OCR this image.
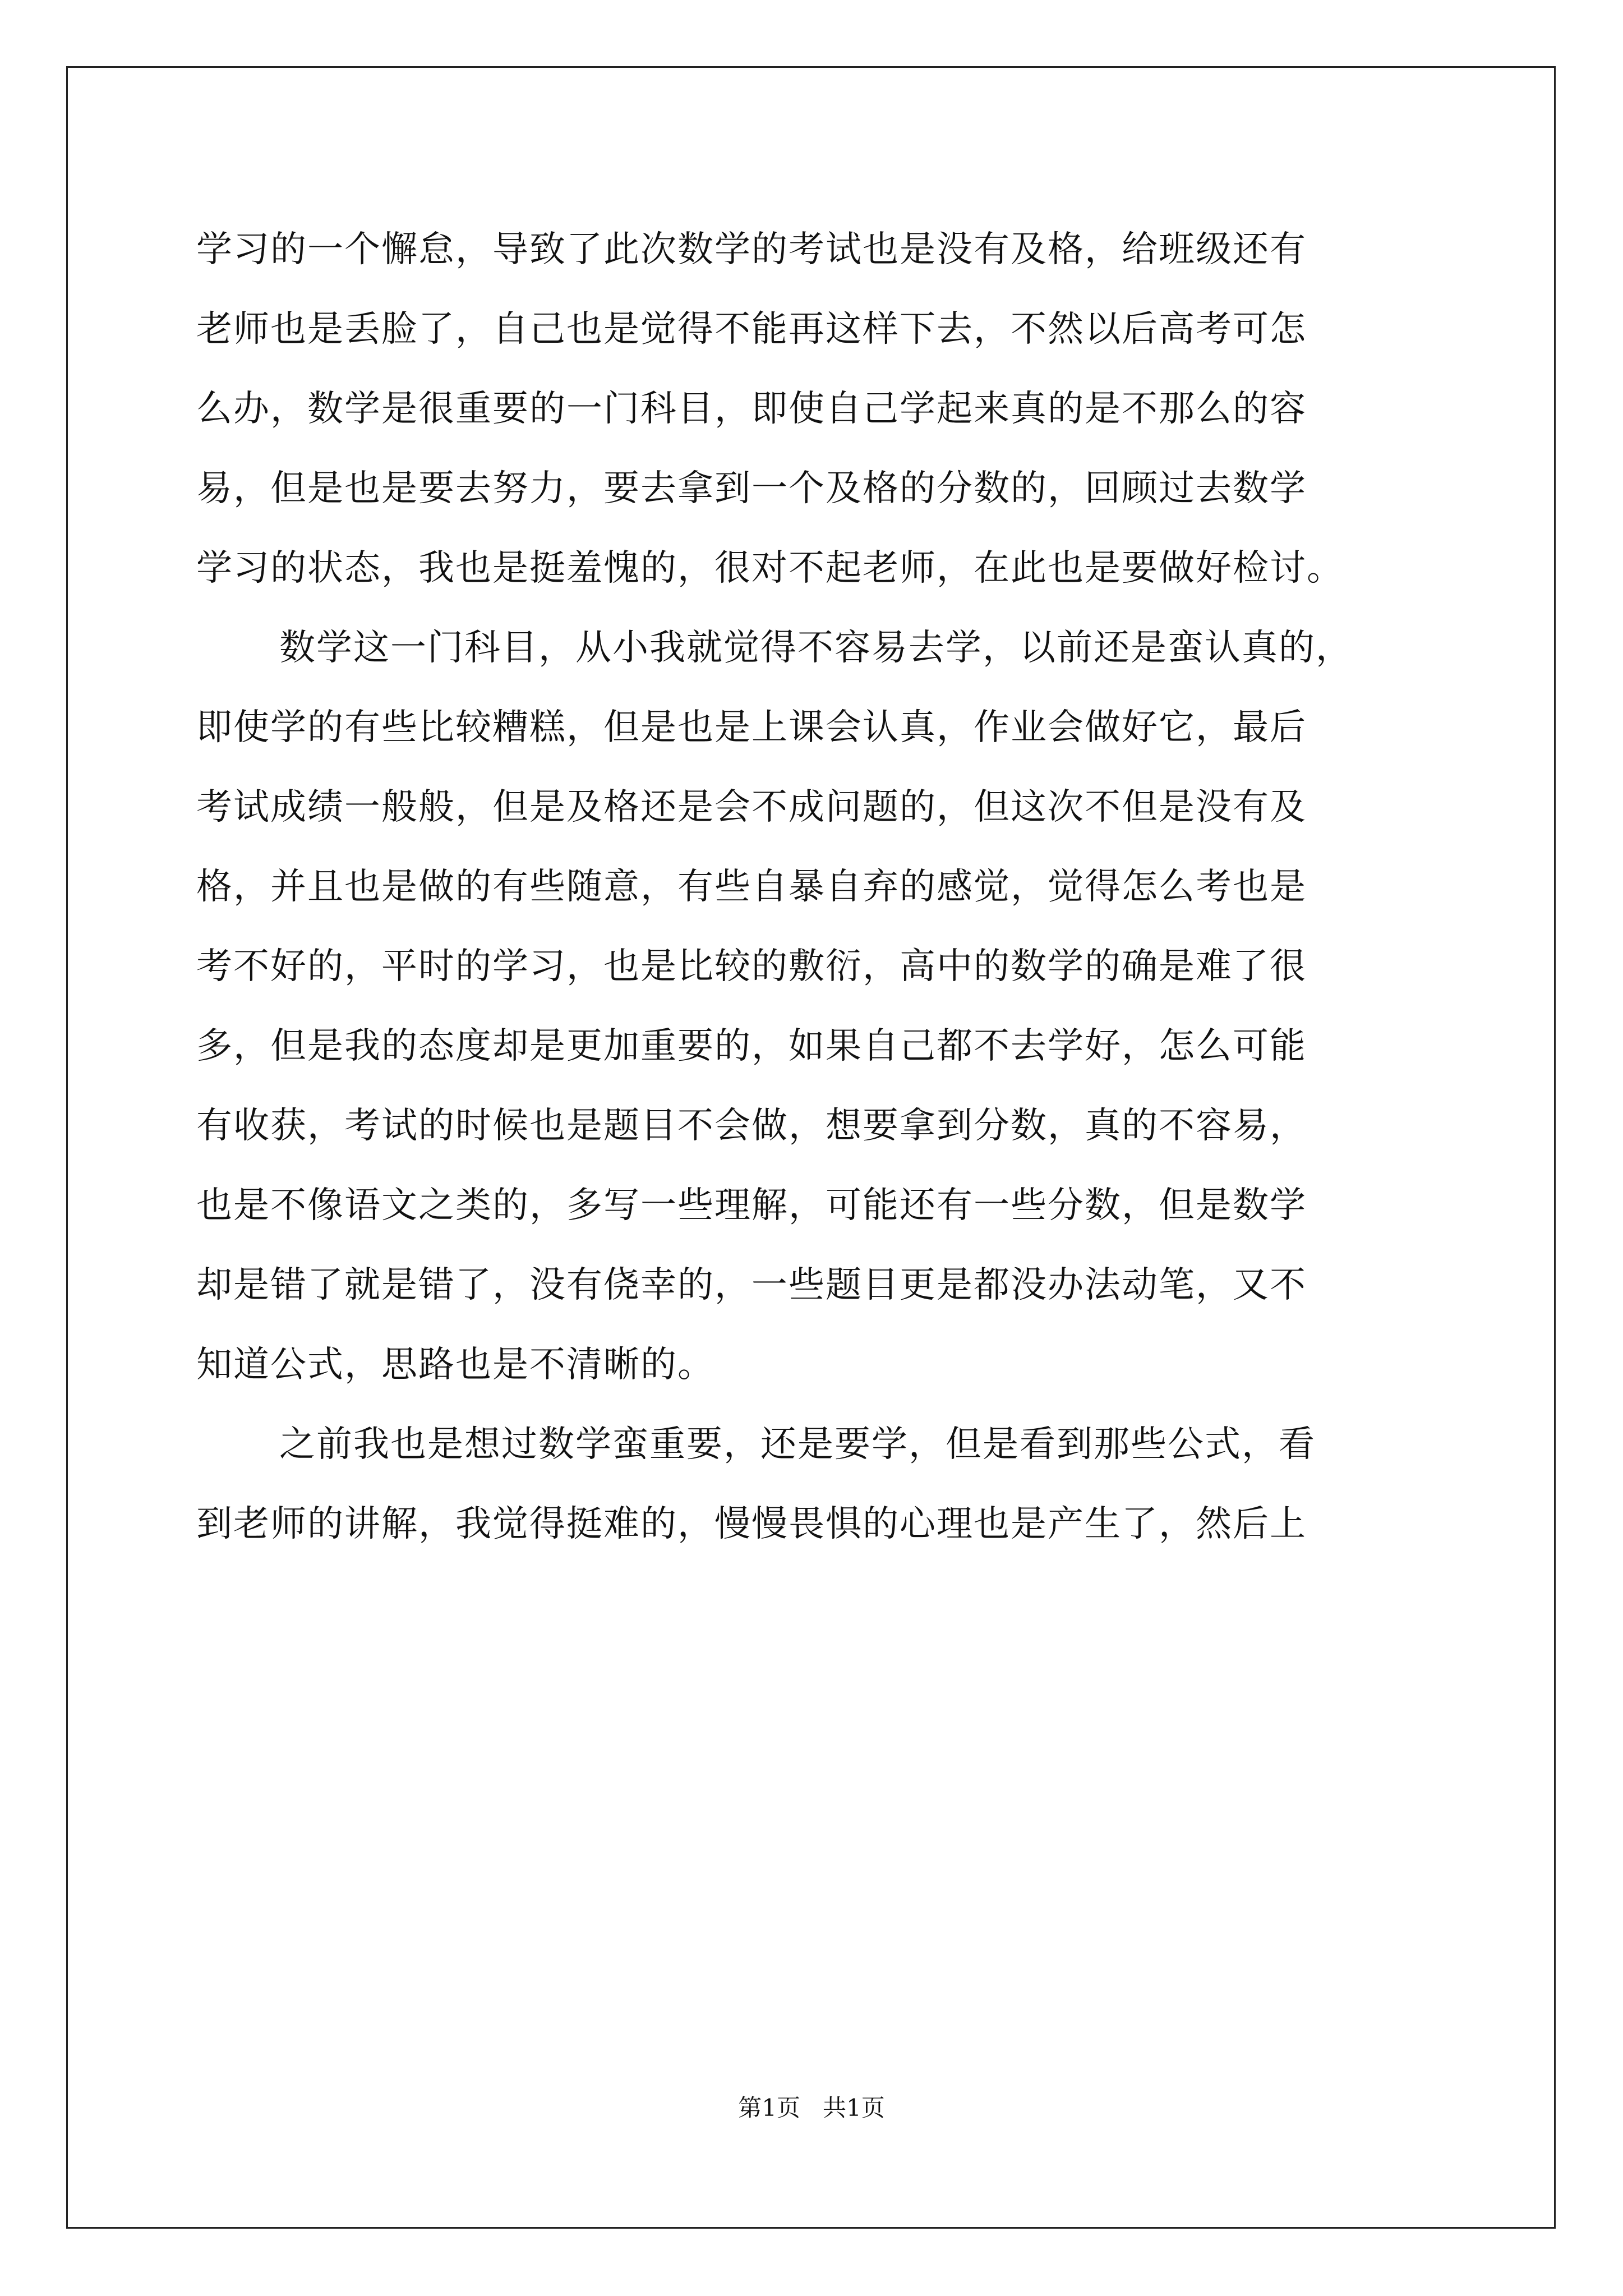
学习的一个懈怠，导致了此次数学的考试也是没有及格，给班级还有
老师也是丢脸了，自己也是觉得不能再这样下去，不然以后高考可怎
么办，数学是很重要的一门科目，即使自己学起来真的是不那么的容
易，但是也是要去努力，要去拿到一个及格的分数的，回顾过去数学
学习的状态，我也是挺羞愧的，很对不起老师，在此也是要做好检讨。
数学这一门科目，从小我就觉得不容易去学，以前还是蛮认真的，
即使学的有些比较糟糕，但是也是上课会认真，作业会做好它，最后
考试成绩一般般，但是及格还是会不成问题的，但这次不但是没有及
格，并且也是做的有些随意，有些自暴自弃的感觉，觉得怎么考也是
考不好的，平时的学习，也是比较的敷衍，高中的数学的确是难了很
多，但是我的态度却是更加重要的，如果自己都不去学好，怎么可能
有收获，考试的时候也是题目不会做，想要拿到分数，真的不容易，
也是不像语文之类的，多写一些理解，可能还有一些分数，但是数学
却是错了就是错了，没有侥幸的，一些题目更是都没办法动笔，又不
知道公式，思路也是不清晰的。
之前我也是想过数学蛮重要，还是要学，但是看到那些公式，看
到老师的讲解，我觉得挺难的，慢慢畏惧的心理也是产生了，然后上
第1页   共1页
